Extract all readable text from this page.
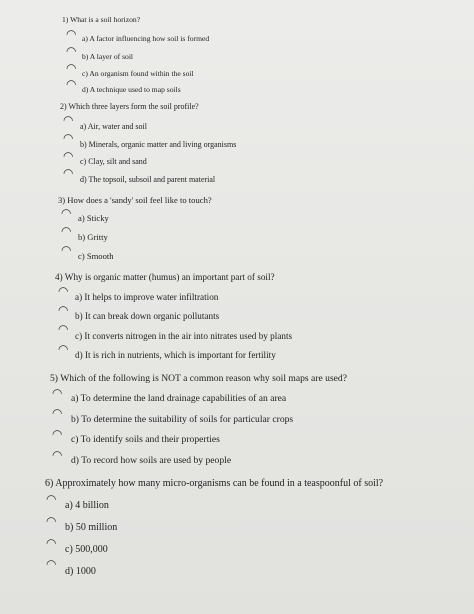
1) What is a soil horizon?
◠
a) A factor influencing how soil is formed
◠
b) A layer of soil
◠
c) An organism found within the soil
◠
d) A technique used to map soils
2) Which three layers form the soil profile?
◠
a) Air, water and soil
◠
b) Minerals, organic matter and living organisms
◠
c) Clay, silt and sand
◠
d) The topsoil, subsoil and parent material
3) How does a 'sandy' soil feel like to touch?
◠
a) Sticky
◠
b) Gritty
◠
c) Smooth
4) Why is organic matter (humus) an important part of soil?
◠
a) It helps to improve water infiltration
◠
b) It can break down organic pollutants
◠
c) It converts nitrogen in the air into nitrates used by plants
◠
d) It is rich in nutrients, which is important for fertility
5) Which of the following is NOT a common reason why soil maps are used?
◠
a) To determine the land drainage capabilities of an area
◠
b) To determine the suitability of soils for particular crops
◠
c) To identify soils and their properties
◠
d) To record how soils are used by people
6) Approximately how many micro-organisms can be found in a teaspoonful of soil?
◠
a) 4 billion
◠
b) 50 million
◠
c) 500,000
◠
d) 1000
